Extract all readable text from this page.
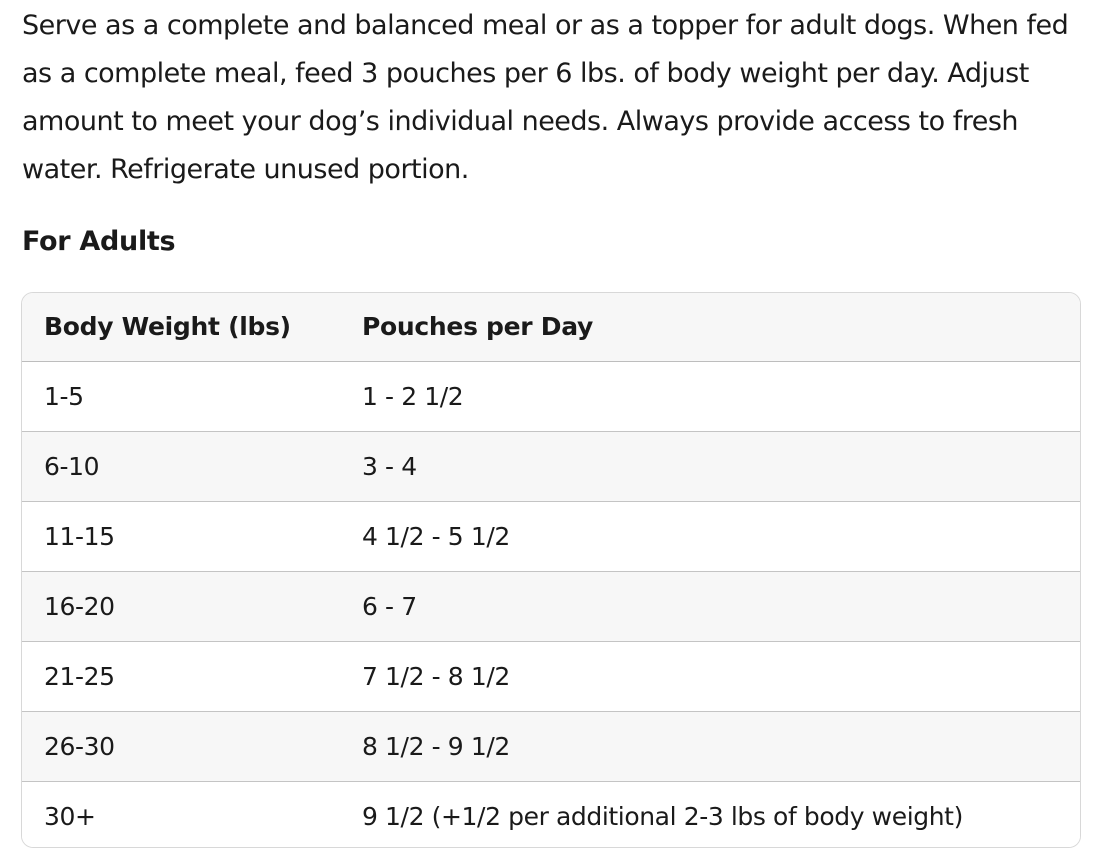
Serve as a complete and balanced meal or as a topper for adult dogs. When fed as a complete meal, feed 3 pouches per 6 lbs. of body weight per day. Adjust amount to meet your dog’s individual needs. Always provide access to fresh water. Refrigerate unused portion.

For Adults
Body Weight (lbs)	Pouches per Day
1-5	1 - 2 1/2
6-10	3 - 4
11-15	4 1/2 - 5 1/2
16-20	6 - 7
21-25	7 1/2 - 8 1/2
26-30	8 1/2 - 9 1/2
30+	9 1/2 (+1/2 per additional 2-3 lbs of body weight)
